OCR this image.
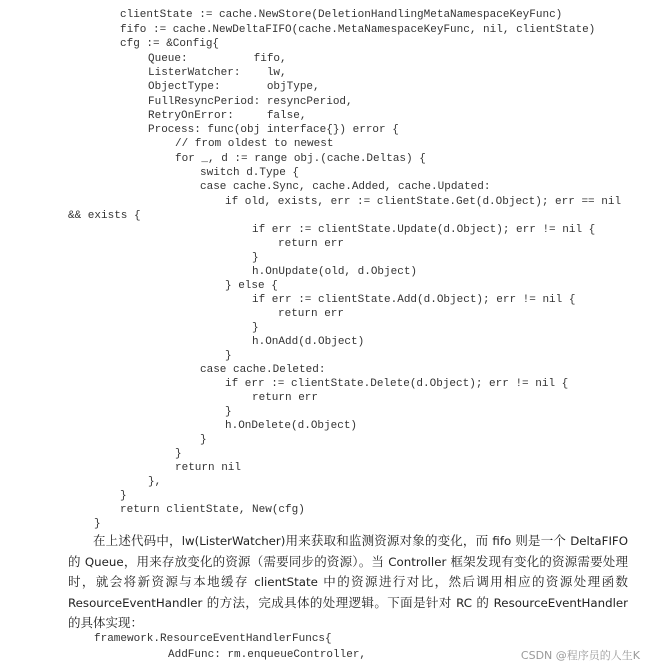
clientState := cache.NewStore(DeletionHandlingMetaNamespaceKeyFunc)
fifo := cache.NewDeltaFIFO(cache.MetaNamespaceKeyFunc, nil, clientState)
cfg := &Config{
Queue:          fifo,
ListerWatcher:    lw,
ObjectType:       objType,
FullResyncPeriod: resyncPeriod,
RetryOnError:     false,
Process: func(obj interface{}) error {
// from oldest to newest
for _, d := range obj.(cache.Deltas) {
switch d.Type {
case cache.Sync, cache.Added, cache.Updated:
if old, exists, err := clientState.Get(d.Object); err == nil
&& exists {
if err := clientState.Update(d.Object); err != nil {
return err
}
h.OnUpdate(old, d.Object)
} else {
if err := clientState.Add(d.Object); err != nil {
return err
}
h.OnAdd(d.Object)
}
case cache.Deleted:
if err := clientState.Delete(d.Object); err != nil {
return err
}
h.OnDelete(d.Object)
}
}
return nil
},
}
return clientState, New(cfg)
}

在上述代码中，lw(ListerWatcher)用来获取和监测资源对象的变化，而 fifo 则是一个 DeltaFIFO 的 Queue，用来存放变化的资源（需要同步的资源）。当 Controller 框架发现有变化的资源需要处理时，就会将新资源与本地缓存 clientState 中的资源进行对比，然后调用相应的资源处理函数 ResourceEventHandler 的方法，完成具体的处理逻辑。下面是针对 RC 的 ResourceEventHandler 的具体实现：

framework.ResourceEventHandlerFuncs{
AddFunc: rm.enqueueController,	CSDN @程序员的人生K
